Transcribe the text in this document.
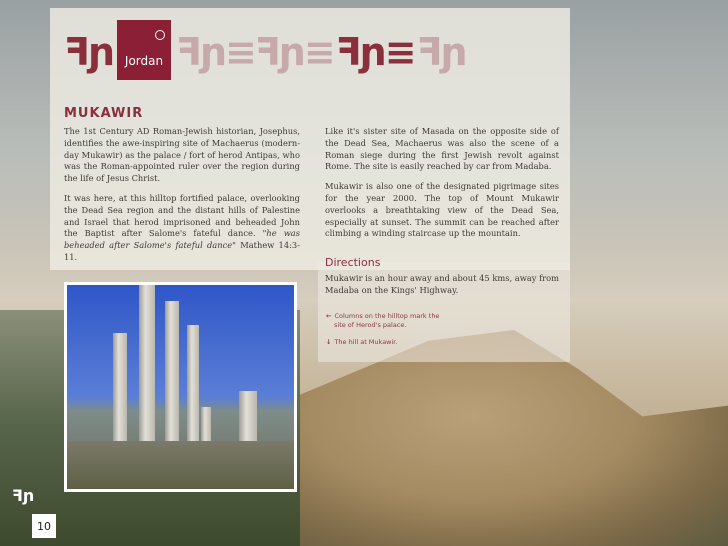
ꟻɲ Jordan ꟻɲ≡ꟻɲ≡ ꟻɲ≡ ꟻɲ
MUKAWIR

The 1st Century AD Roman-Jewish historian, Josephus, identifies the awe-inspiring site of Machaerus (modern-day Mukawir) as the palace / fort of herod Antipas, who was the Roman-appointed ruler over the region during the life of Jesus Christ.

It was here, at this hilltop fortified palace, overlooking the Dead Sea region and the distant hills of Palestine and Israel that herod imprisoned and beheaded John the Baptist after Salome's fateful dance. "he was beheaded after Salome's fateful dance" Mathew 14:3-11.

Like it's sister site of Masada on the opposite side of the Dead Sea, Machaerus was also the scene of a Roman siege during the first Jewish revolt against Rome. The site is easily reached by car from Madaba.

Mukawir is also one of the designated pigrimage sites for the year 2000. The top of Mount Mukawir overlooks a breathtaking view of the Dead Sea, especially at sunset. The summit can be reached after climbing a winding staircase up the mountain.

Directions

Mukawir is an hour away and about 45 kms, away from Madaba on the Kings' Highway.

← Columns on the hilltop mark the
site of Herod's palace.
↓ The hill at Mukawir.
ꟻɲ
10
